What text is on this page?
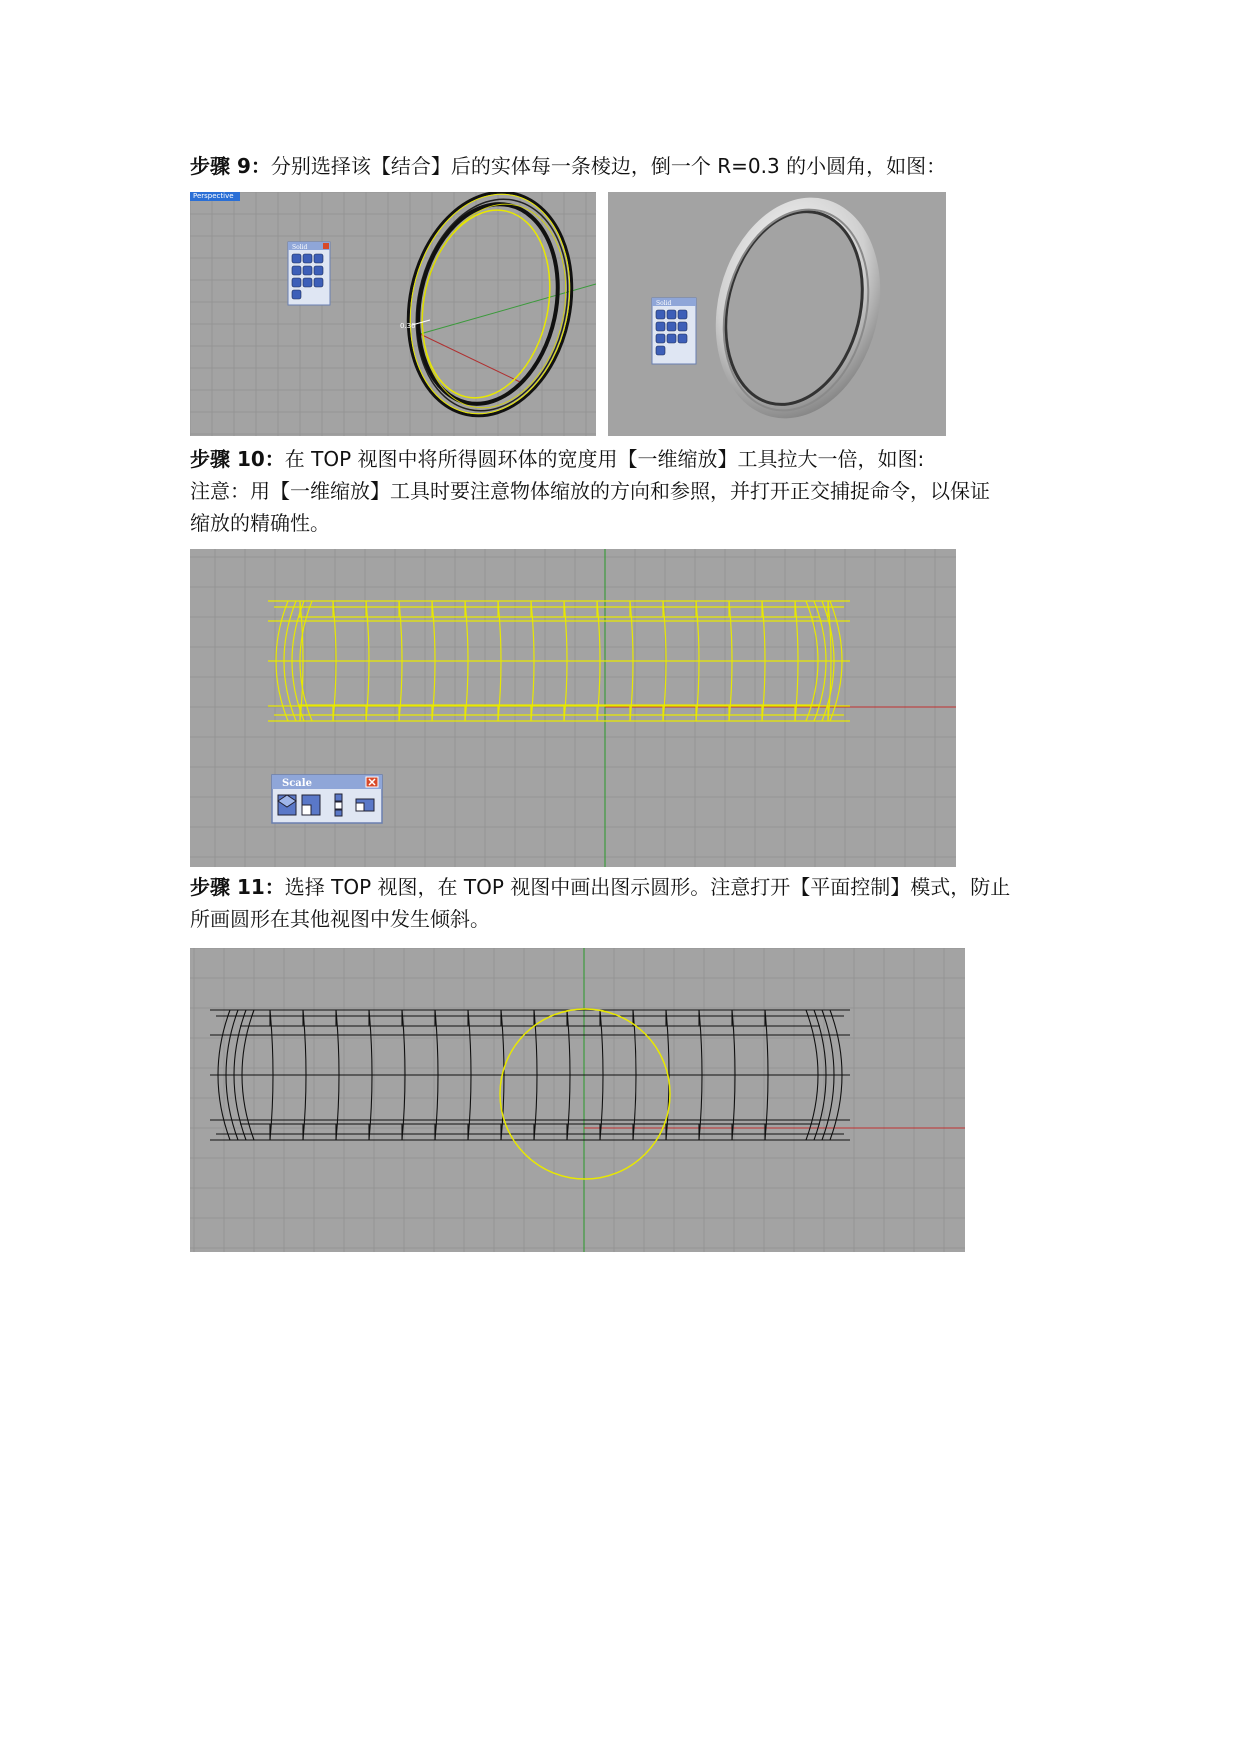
步骤 9：分别选择该【结合】后的实体每一条棱边，倒一个 R=0.3 的小圆角，如图：

Perspective
0.30
Solid
Solid

步骤 10：在 TOP 视图中将所得圆环体的宽度用【一维缩放】工具拉大一倍，如图:

注意：用【一维缩放】工具时要注意物体缩放的方向和参照，并打开正交捕捉命令，以保证

缩放的精确性。

Scale

步骤 11：选择 TOP 视图，在 TOP 视图中画出图示圆形。注意打开【平面控制】模式，防止

所画圆形在其他视图中发生倾斜。
